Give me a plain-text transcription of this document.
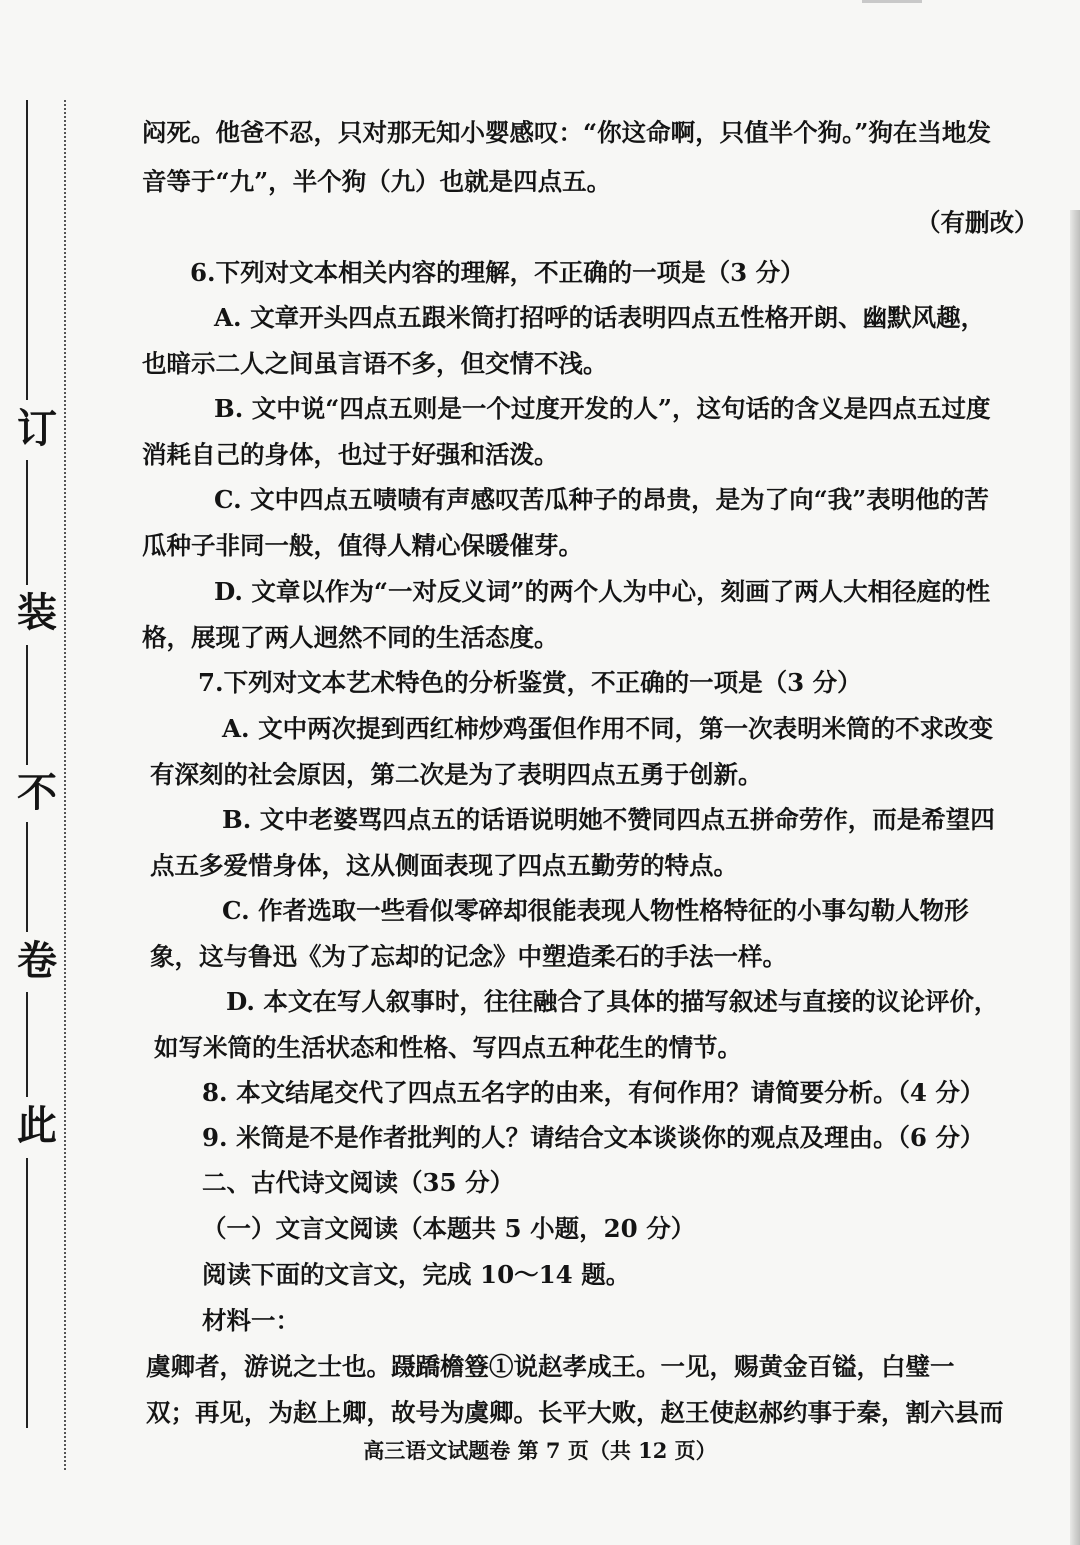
订
装
不
卷
此
闷死。他爸不忍，只对那无知小婴感叹：“你这命啊，只值半个狗。”狗在当地发
音等于“九”，半个狗（九）也就是四点五。
（有删改）
6.下列对文本相关内容的理解，不正确的一项是（3 分）
A. 文章开头四点五跟米筒打招呼的话表明四点五性格开朗、幽默风趣，
也暗示二人之间虽言语不多，但交情不浅。
B. 文中说“四点五则是一个过度开发的人”，这句话的含义是四点五过度
消耗自己的身体，也过于好强和活泼。
C. 文中四点五啧啧有声感叹苦瓜种子的昂贵，是为了向“我”表明他的苦
瓜种子非同一般，值得人精心保暖催芽。
D. 文章以作为“一对反义词”的两个人为中心，刻画了两人大相径庭的性
格，展现了两人迥然不同的生活态度。
7.下列对文本艺术特色的分析鉴赏，不正确的一项是（3 分）
A. 文中两次提到西红柿炒鸡蛋但作用不同，第一次表明米筒的不求改变
有深刻的社会原因，第二次是为了表明四点五勇于创新。
B. 文中老婆骂四点五的话语说明她不赞同四点五拼命劳作，而是希望四
点五多爱惜身体，这从侧面表现了四点五勤劳的特点。
C. 作者选取一些看似零碎却很能表现人物性格特征的小事勾勒人物形
象，这与鲁迅《为了忘却的记念》中塑造柔石的手法一样。
D. 本文在写人叙事时，往往融合了具体的描写叙述与直接的议论评价，
如写米筒的生活状态和性格、写四点五种花生的情节。
8. 本文结尾交代了四点五名字的由来，有何作用？请简要分析。（4 分）
9. 米筒是不是作者批判的人？请结合文本谈谈你的观点及理由。（6 分）
二、古代诗文阅读（35 分）
（一）文言文阅读（本题共 5 小题，20 分）
阅读下面的文言文，完成 10～14 题。
材料一：
虞卿者，游说之士也。蹑蹻檐簦①说赵孝成王。一见，赐黄金百镒，白璧一
双；再见，为赵上卿，故号为虞卿。长平大败，赵王使赵郝约事于秦，割六县而
高三语文试题卷 第 7 页（共 12 页）
